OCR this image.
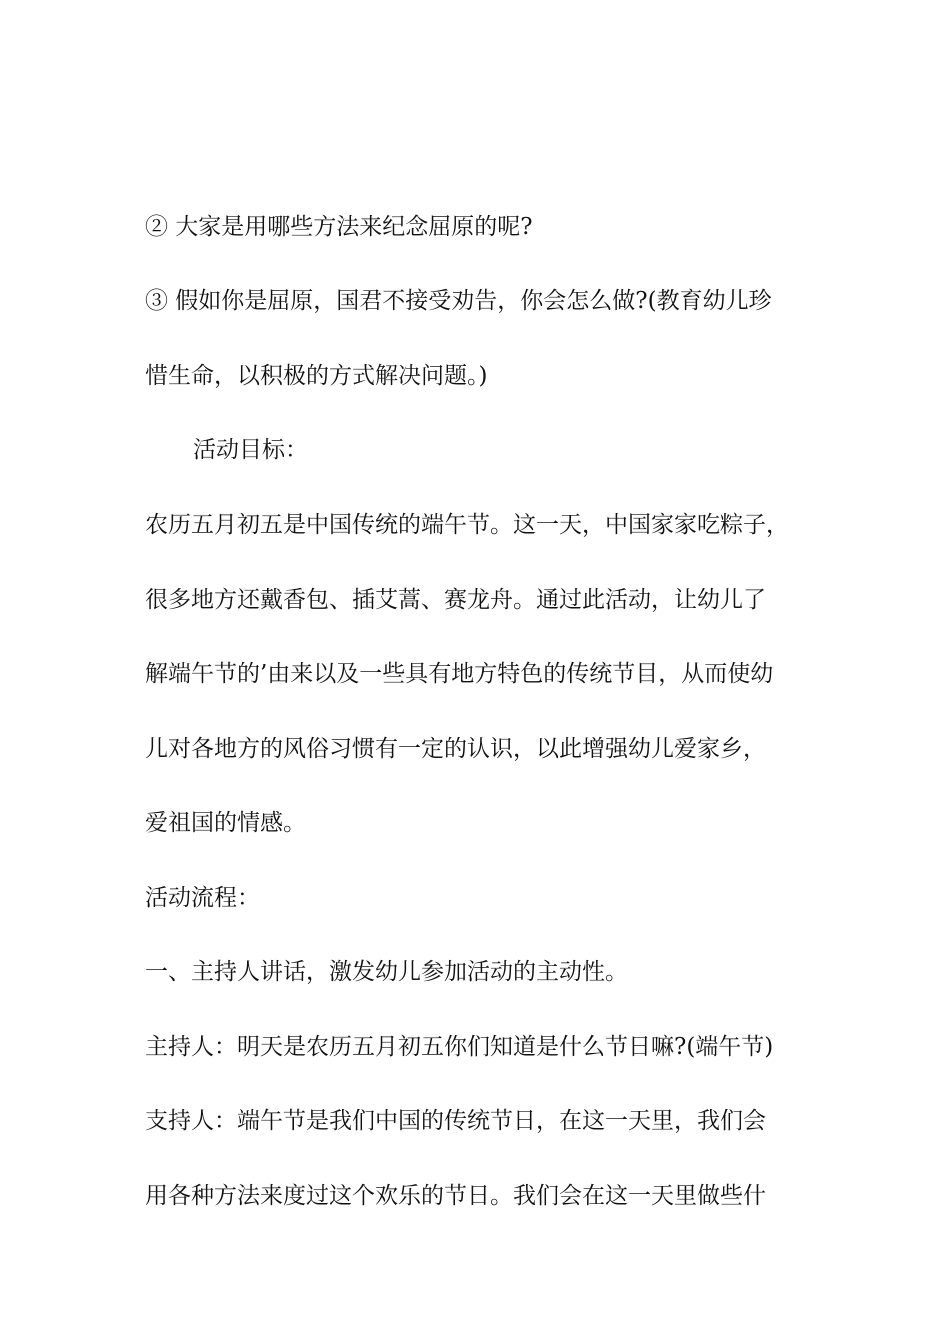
② 大家是用哪些方法来纪念屈原的呢?
③ 假如你是屈原，国君不接受劝告，你会怎么做?(教育幼儿珍
惜生命，以积极的方式解决问题。)
活动目标：
农历五月初五是中国传统的端午节。这一天，中国家家吃粽子，
很多地方还戴香包、插艾蒿、赛龙舟。通过此活动，让幼儿了
解端午节的’由来以及一些具有地方特色的传统节目，从而使幼
儿对各地方的风俗习惯有一定的认识，以此增强幼儿爱家乡，
爱祖国的情感。
活动流程：
一、主持人讲话，激发幼儿参加活动的主动性。
主持人：明天是农历五月初五你们知道是什么节日嘛?(端午节)
支持人：端午节是我们中国的传统节日，在这一天里，我们会
用各种方法来度过这个欢乐的节日。我们会在这一天里做些什
